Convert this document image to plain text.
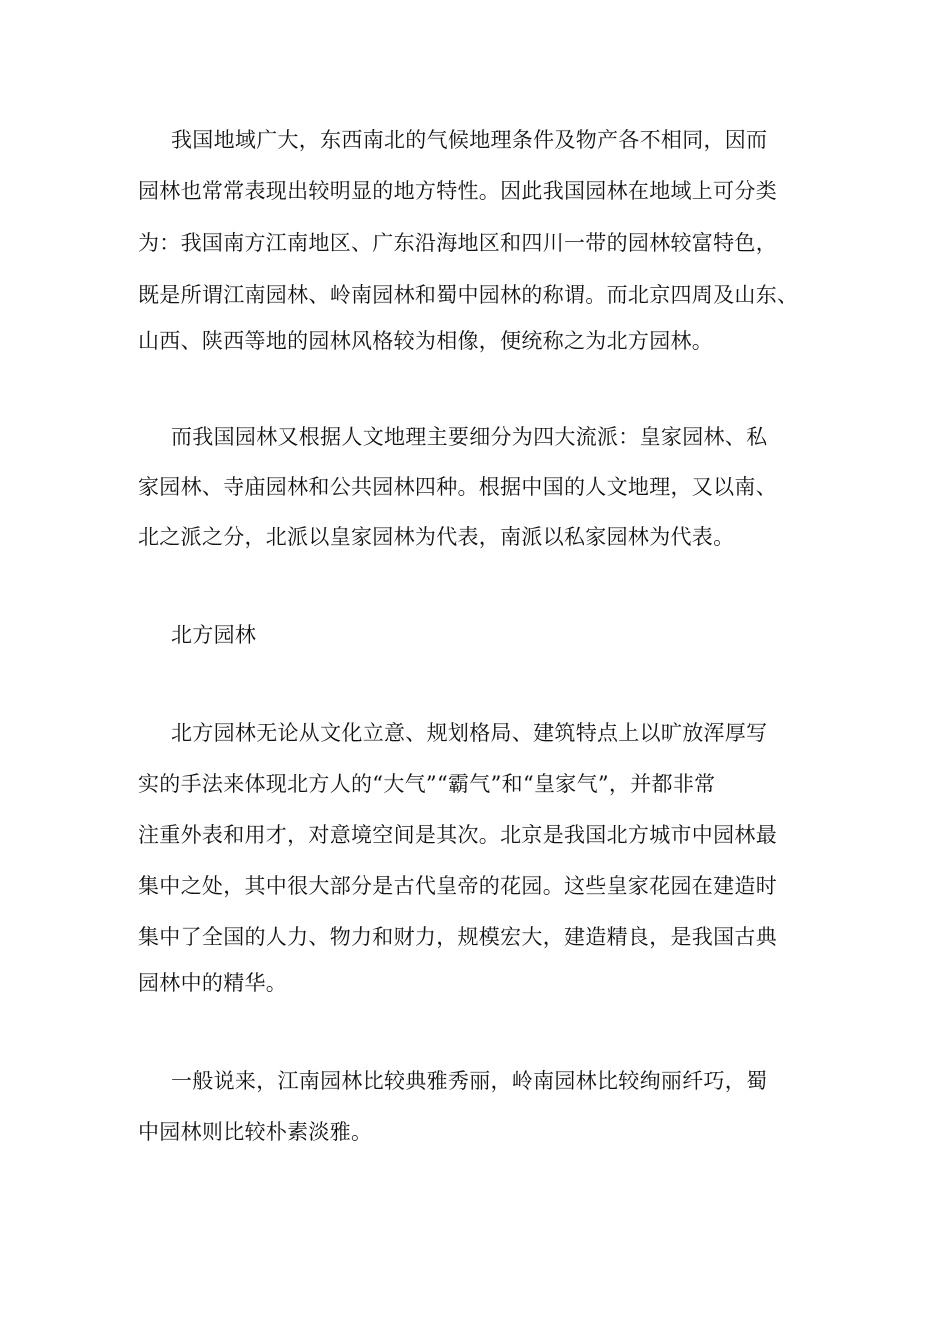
我国地域广大，东西南北的气候地理条件及物产各不相同，因而
园林也常常表现出较明显的地方特性。因此我国园林在地域上可分类
为：我国南方江南地区、广东沿海地区和四川一带的园林较富特色，
既是所谓江南园林、岭南园林和蜀中园林的称谓。而北京四周及山东、
山西、陕西等地的园林风格较为相像，便统称之为北方园林。
而我国园林又根据人文地理主要细分为四大流派：皇家园林、私
家园林、寺庙园林和公共园林四种。根据中国的人文地理，又以南、
北之派之分，北派以皇家园林为代表，南派以私家园林为代表。
北方园林
北方园林无论从文化立意、规划格局、建筑特点上以旷放浑厚写
实的手法来体现北方人的“大气”“霸气”和“皇家气”，并都非常
注重外表和用才，对意境空间是其次。北京是我国北方城市中园林最
集中之处，其中很大部分是古代皇帝的花园。这些皇家花园在建造时
集中了全国的人力、物力和财力，规模宏大，建造精良，是我国古典
园林中的精华。
一般说来，江南园林比较典雅秀丽，岭南园林比较绚丽纤巧，蜀
中园林则比较朴素淡雅。
